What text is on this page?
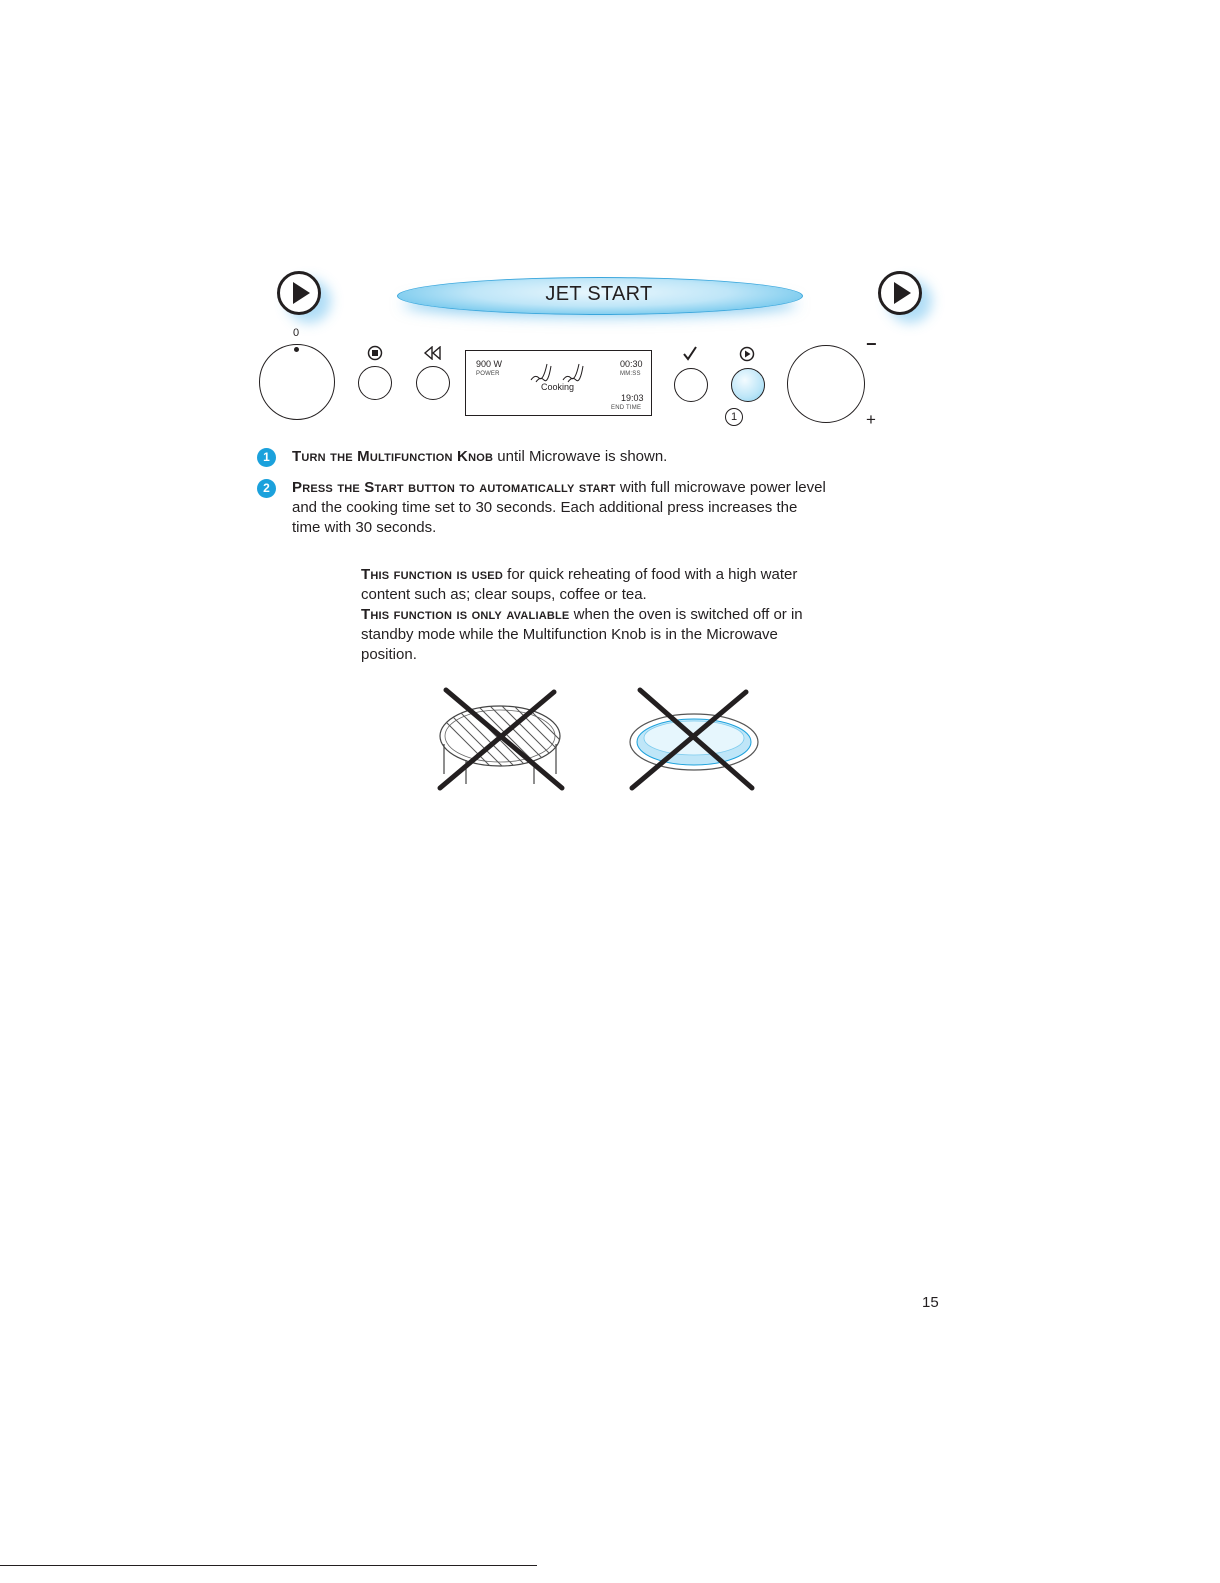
JET START
0
900 W
POWER
Cooking
00:30
MM:SS
19:03
END TIME
1
−
+
1	Turn the Multifunction Knob until Microwave is shown.
2	Press the Start button to automatically start with full microwave power level
and the cooking time set to 30 seconds. Each additional press increases the
time with 30 seconds.
This function is used for quick reheating of food with a high water
content such as; clear soups, coffee or tea.
This function is only avaliable when the oven is switched off or in
standby mode while the Multifunction Knob is in the Microwave
position.
15
